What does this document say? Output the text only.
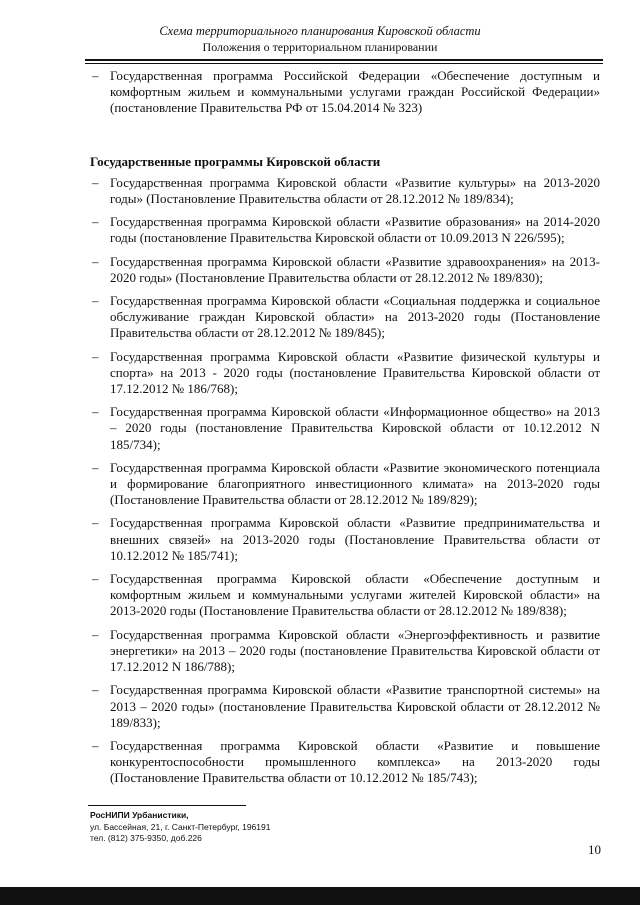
Схема территориального планирования Кировской области
Положения о территориальном планировании
– Государственная программа Российской Федерации «Обеспечение доступным и комфортным жильем и коммунальными услугами граждан Российской Федерации» (постановление Правительства РФ от 15.04.2014 № 323)
Государственные программы Кировской области
– Государственная программа Кировской области «Развитие культуры» на 2013-2020 годы» (Постановление Правительства области от 28.12.2012 № 189/834);
– Государственная программа Кировской области «Развитие образования» на 2014-2020 годы (постановление Правительства Кировской области от 10.09.2013 N 226/595);
– Государственная программа Кировской области «Развитие здравоохранения» на 2013-2020 годы» (Постановление Правительства области от 28.12.2012 № 189/830);
– Государственная программа Кировской области «Социальная поддержка и социальное обслуживание граждан Кировской области» на 2013-2020 годы (Постановление Правительства области от 28.12.2012 № 189/845);
– Государственная программа Кировской области «Развитие физической культуры и спорта» на 2013 - 2020 годы (постановление Правительства Кировской области от 17.12.2012 № 186/768);
– Государственная программа Кировской области «Информационное общество» на 2013 – 2020 годы (постановление Правительства Кировской области от 10.12.2012 N 185/734);
– Государственная программа Кировской области «Развитие экономического потенциала и формирование благоприятного инвестиционного климата» на 2013-2020 годы (Постановление Правительства области от 28.12.2012 № 189/829);
– Государственная программа Кировской области «Развитие предпринимательства и внешних связей» на 2013-2020 годы (Постановление Правительства области от 10.12.2012 № 185/741);
– Государственная программа Кировской области «Обеспечение доступным и комфортным жильем и коммунальными услугами жителей Кировской области» на 2013-2020 годы (Постановление Правительства области от 28.12.2012 № 189/838);
– Государственная программа Кировской области «Энергоэффективность и развитие энергетики» на 2013 – 2020 годы (постановление Правительства Кировской области от 17.12.2012 N 186/788);
– Государственная программа Кировской области «Развитие транспортной системы» на 2013 – 2020 годы» (постановление Правительства Кировской области от 28.12.2012 № 189/833);
– Государственная программа Кировской области «Развитие и повышение конкурентоспособности промышленного комплекса» на 2013-2020 годы (Постановление Правительства области от 10.12.2012 № 185/743);
РосНИПИ Урбанистики,
ул. Бассейная, 21, г. Санкт-Петербург, 196191
тел. (812) 375-9350, доб.226
10
